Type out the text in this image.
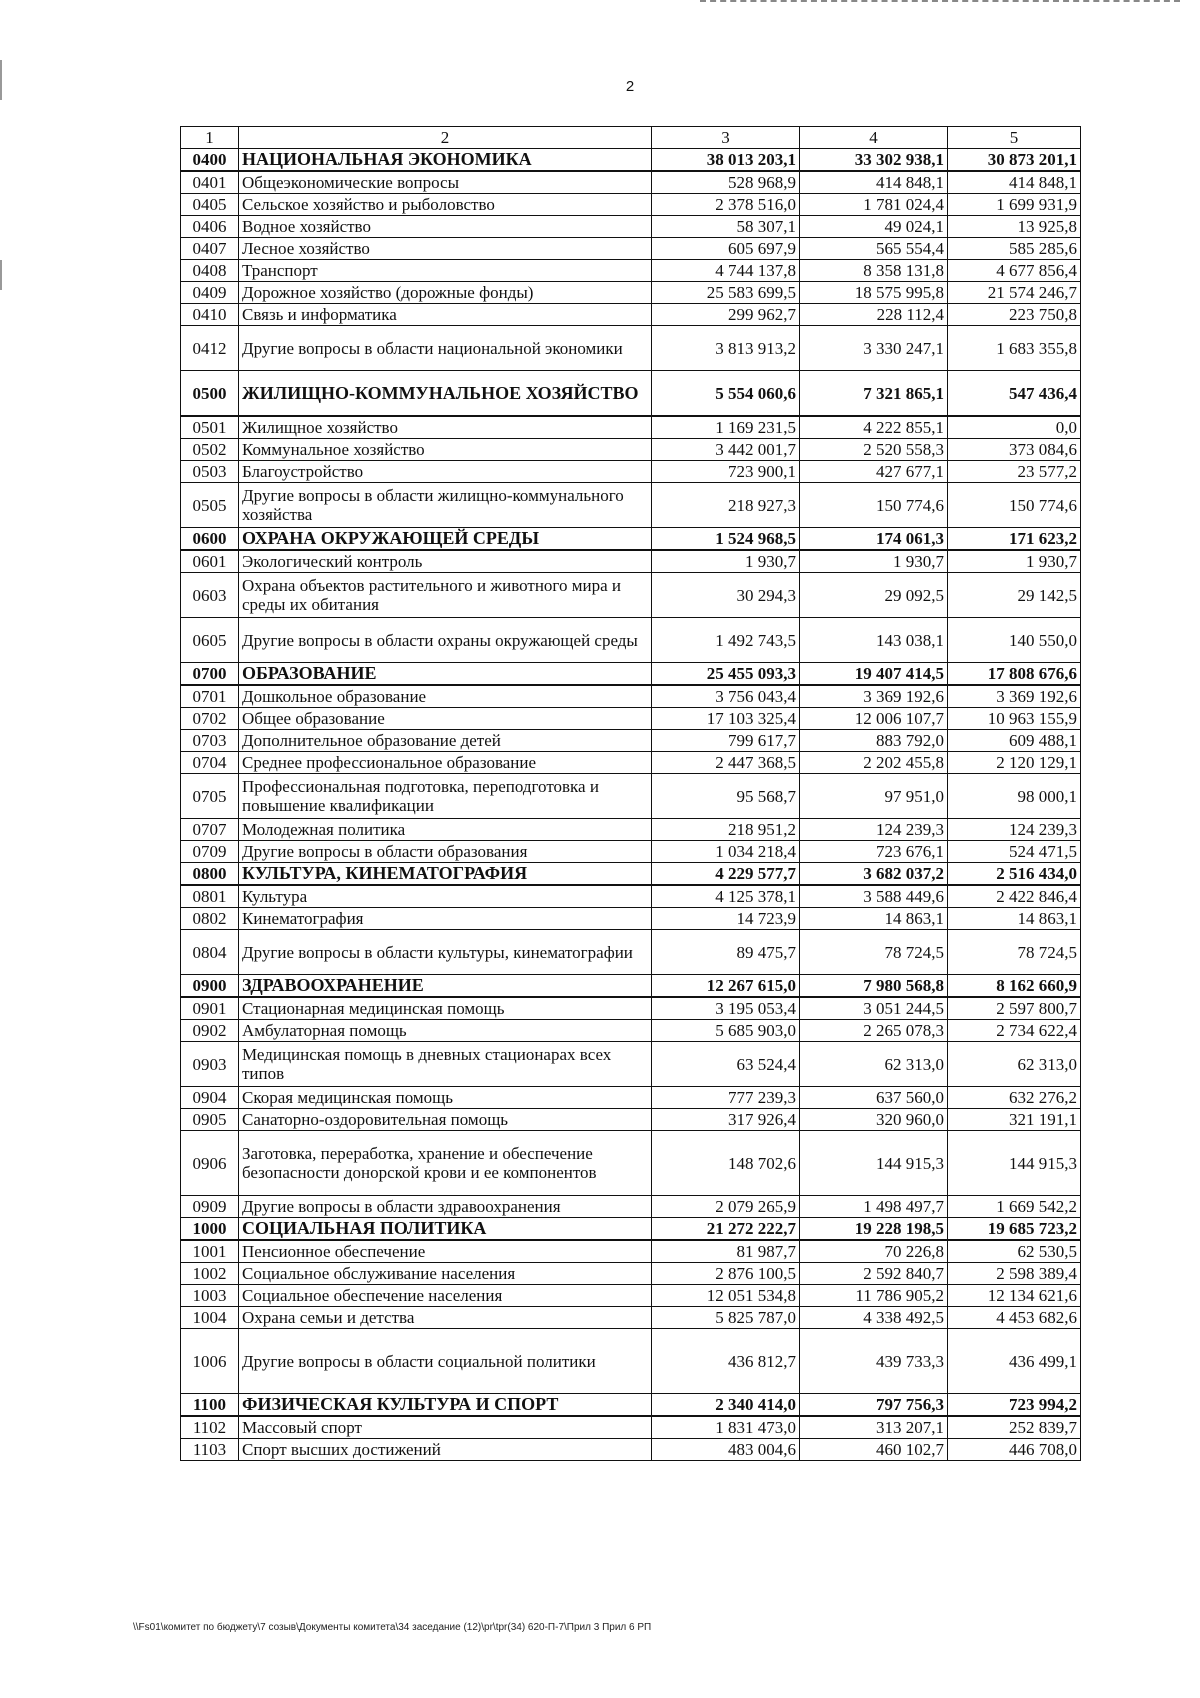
2
1	2	3	4	5
0400	НАЦИОНАЛЬНАЯ ЭКОНОМИКА	38 013 203,1	33 302 938,1	30 873 201,1
0401	Общеэкономические вопросы	528 968,9	414 848,1	414 848,1
0405	Сельское хозяйство и рыболовство	2 378 516,0	1 781 024,4	1 699 931,9
0406	Водное хозяйство	58 307,1	49 024,1	13 925,8
0407	Лесное хозяйство	605 697,9	565 554,4	585 285,6
0408	Транспорт	4 744 137,8	8 358 131,8	4 677 856,4
0409	Дорожное хозяйство (дорожные фонды)	25 583 699,5	18 575 995,8	21 574 246,7
0410	Связь и информатика	299 962,7	228 112,4	223 750,8
0412	Другие вопросы в области национальной экономики	3 813 913,2	3 330 247,1	1 683 355,8
0500	ЖИЛИЩНО-КОММУНАЛЬНОЕ ХОЗЯЙСТВО	5 554 060,6	7 321 865,1	547 436,4
0501	Жилищное хозяйство	1 169 231,5	4 222 855,1	0,0
0502	Коммунальное хозяйство	3 442 001,7	2 520 558,3	373 084,6
0503	Благоустройство	723 900,1	427 677,1	23 577,2
0505	Другие вопросы в области жилищно-коммунального хозяйства	218 927,3	150 774,6	150 774,6
0600	ОХРАНА ОКРУЖАЮЩЕЙ СРЕДЫ	1 524 968,5	174 061,3	171 623,2
0601	Экологический контроль	1 930,7	1 930,7	1 930,7
0603	Охрана объектов растительного и животного мира и среды их обитания	30 294,3	29 092,5	29 142,5
0605	Другие вопросы в области охраны окружающей среды	1 492 743,5	143 038,1	140 550,0
0700	ОБРАЗОВАНИЕ	25 455 093,3	19 407 414,5	17 808 676,6
0701	Дошкольное образование	3 756 043,4	3 369 192,6	3 369 192,6
0702	Общее образование	17 103 325,4	12 006 107,7	10 963 155,9
0703	Дополнительное образование детей	799 617,7	883 792,0	609 488,1
0704	Среднее профессиональное образование	2 447 368,5	2 202 455,8	2 120 129,1
0705	Профессиональная подготовка, переподготовка и повышение квалификации	95 568,7	97 951,0	98 000,1
0707	Молодежная политика	218 951,2	124 239,3	124 239,3
0709	Другие вопросы в области образования	1 034 218,4	723 676,1	524 471,5
0800	КУЛЬТУРА, КИНЕМАТОГРАФИЯ	4 229 577,7	3 682 037,2	2 516 434,0
0801	Культура	4 125 378,1	3 588 449,6	2 422 846,4
0802	Кинематография	14 723,9	14 863,1	14 863,1
0804	Другие вопросы в области культуры, кинематографии	89 475,7	78 724,5	78 724,5
0900	ЗДРАВООХРАНЕНИЕ	12 267 615,0	7 980 568,8	8 162 660,9
0901	Стационарная медицинская помощь	3 195 053,4	3 051 244,5	2 597 800,7
0902	Амбулаторная помощь	5 685 903,0	2 265 078,3	2 734 622,4
0903	Медицинская помощь в дневных стационарах всех типов	63 524,4	62 313,0	62 313,0
0904	Скорая медицинская помощь	777 239,3	637 560,0	632 276,2
0905	Санаторно-оздоровительная помощь	317 926,4	320 960,0	321 191,1
0906	Заготовка, переработка, хранение и обеспечение безопасности донорской крови и ее компонентов	148 702,6	144 915,3	144 915,3
0909	Другие вопросы в области здравоохранения	2 079 265,9	1 498 497,7	1 669 542,2
1000	СОЦИАЛЬНАЯ ПОЛИТИКА	21 272 222,7	19 228 198,5	19 685 723,2
1001	Пенсионное обеспечение	81 987,7	70 226,8	62 530,5
1002	Социальное обслуживание населения	2 876 100,5	2 592 840,7	2 598 389,4
1003	Социальное обеспечение населения	12 051 534,8	11 786 905,2	12 134 621,6
1004	Охрана семьи и детства	5 825 787,0	4 338 492,5	4 453 682,6
1006	Другие вопросы в области социальной политики	436 812,7	439 733,3	436 499,1
1100	ФИЗИЧЕСКАЯ КУЛЬТУРА И СПОРТ	2 340 414,0	797 756,3	723 994,2
1102	Массовый спорт	1 831 473,0	313 207,1	252 839,7
1103	Спорт высших достижений	483 004,6	460 102,7	446 708,0
\\Fs01\комитет по бюджету\7 созыв\Документы комитета\34 заседание (12)\pr\tpr(34) 620-П-7\Прил 3 Прил 6 РП
